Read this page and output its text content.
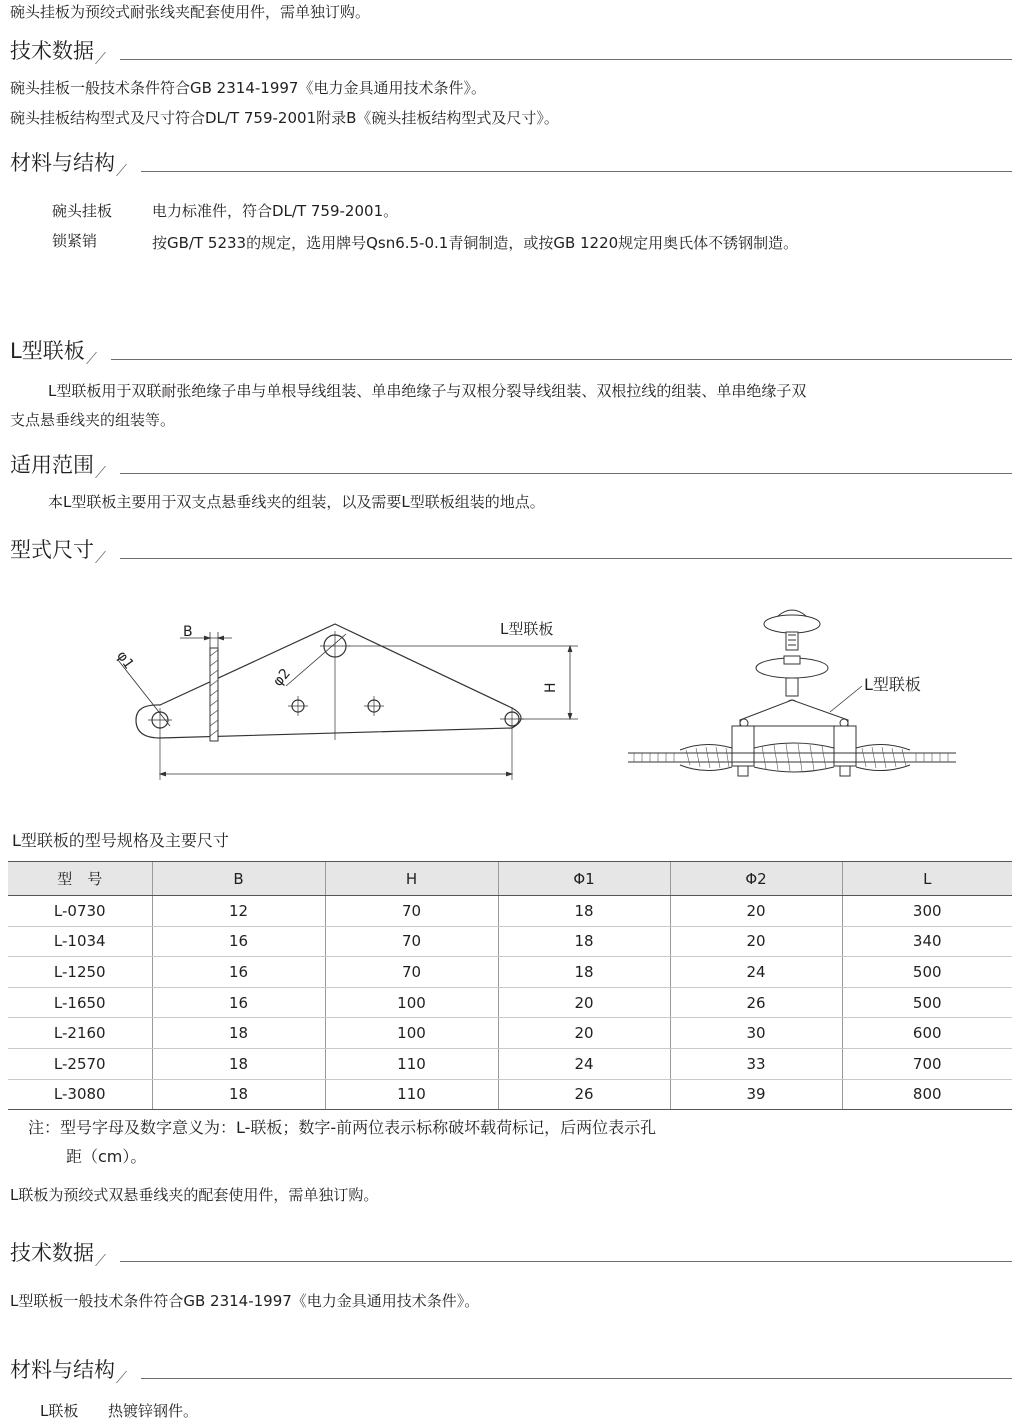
碗头挂板为预绞式耐张线夹配套使用件，需单独订购。
技术数据
碗头挂板一般技术条件符合GB 2314-1997《电力金具通用技术条件》。
碗头挂板结构型式及尺寸符合DL/T 759-2001附录B《碗头挂板结构型式及尺寸》。
材料与结构
碗头挂板	电力标准件，符合DL/T 759-2001。
锁紧销	按GB/T 5233的规定，选用牌号Qsn6.5-0.1青铜制造，或按GB 1220规定用奥氏体不锈钢制造。
L型联板
L型联板用于双联耐张绝缘子串与单根导线组装、单串绝缘子与双根分裂导线组装、双根拉线的组装、单串绝缘子双
支点悬垂线夹的组装等。
适用范围
本L型联板主要用于双支点悬垂线夹的组装，以及需要L型联板组装的地点。
型式尺寸
B
φ1
φ2	H
L型联板
L型联板
L型联板的型号规格及主要尺寸
型　号	B	H	Φ1	Φ2	L
L-0730	12	70	18	20	300
L-1034	16	70	18	20	340
L-1250	16	70	18	24	500
L-1650	16	100	20	26	500
L-2160	18	100	20	30	600
L-2570	18	110	24	33	700
L-3080	18	110	26	39	800
注：型号字母及数字意义为：L-联板；数字-前两位表示标称破坏载荷标记，后两位表示孔
距（cm）。
L联板为预绞式双悬垂线夹的配套使用件，需单独订购。
技术数据
L型联板一般技术条件符合GB 2314-1997《电力金具通用技术条件》。
材料与结构
L联板 热镀锌钢件。
